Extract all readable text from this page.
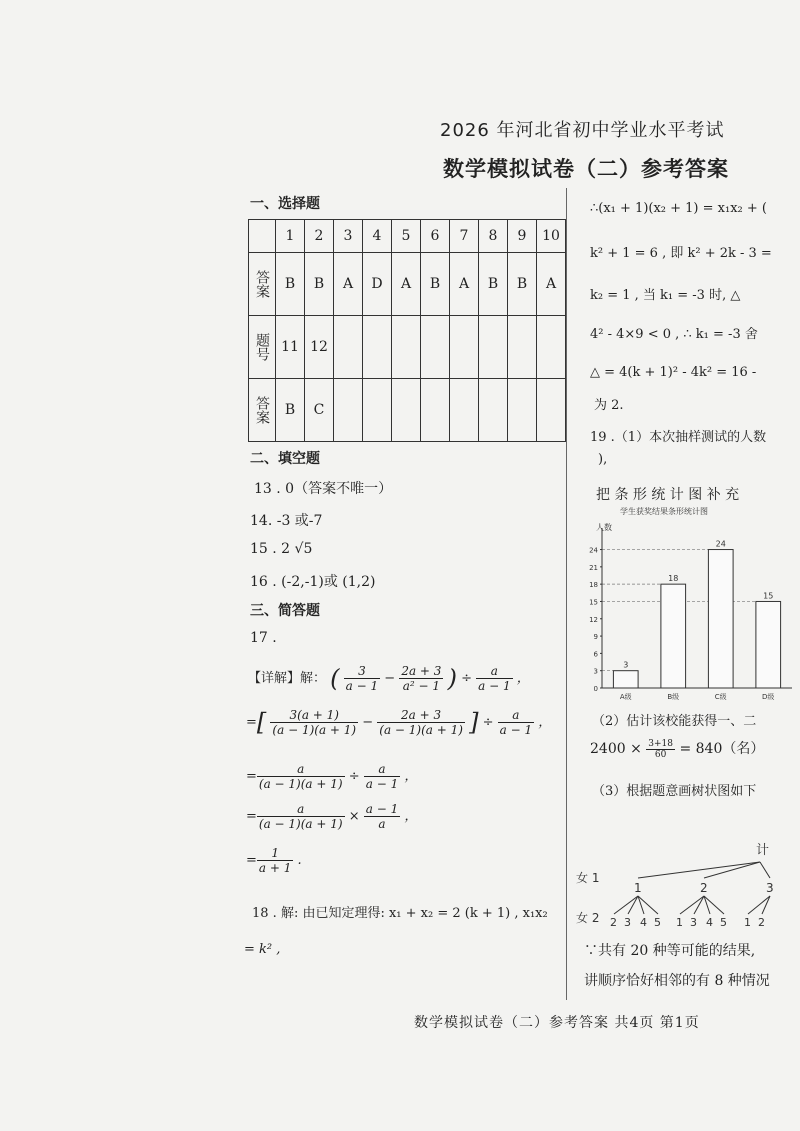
2026 年河北省初中学业水平考试
数学模拟试卷（二）参考答案
一、选择题
	1	2	3	4	5	6	7	8	9	10
答案	B	B	A	D	A	B	A	B	B	A
题号	11	12								
答案	B	C								
二、填空题
13 . 0（答案不唯一）
14. -3 或-7
15 . 2 √5
16 . (-2,-1)或 (1,2)
三、简答题
17 .
【详解】解： ( $\frac{3}{a - 1} - \frac{2a + 3}{\text{a² − 1}}$ ) ÷ $\frac{a}{a - 1}$ ，
=[ $\frac{3(a + 1)}{(a - 1)(a + 1)} - \frac{2a + 3}{(a - 1)(a + 1)}$ ] ÷ $\frac{a}{a - 1}$ ，
= $\frac{a}{(a - 1)(a + 1)} \div \frac{a}{a - 1}$ ，
= $\frac{a}{(a - 1)(a + 1)} \times \frac{a - 1}{a}$ ，
= $\frac{1}{a + 1}$ .
18 . 解: 由已知定理得: x₁ + x₂ = 2 (k + 1) , x₁x₂
= k² ,
∴(x₁ + 1)(x₂ + 1) = x₁x₂ + (
k² + 1 = 6 , 即 k² + 2k - 3 =
k₂ = 1 , 当 k₁ = -3 时, △
4² - 4×9 < 0 , ∴ k₁ = -3 舍
△ = 4(k + 1)² - 4k² = 16 -
为 2.
19 .（1）本次抽样测试的人数
),
把 条 形 统 计 图 补 充
学生获奖结果条形统计图
人数
3
A级
18
B级
24
C级
15
D级
0
3
6
9
12
15
18
21
24
（2）估计该校能获得一、二
$2400 \times \frac{3+18}{60} = 840$（名）
（3）根据题意画树状图如下
计
女 1
女 2
1	2	3
2 3 4 5 1 3 4 5 1 2
∵共有 20 种等可能的结果,
讲顺序恰好相邻的有 8 种情况
数学模拟试卷（二）参考答案 共4页 第1页
